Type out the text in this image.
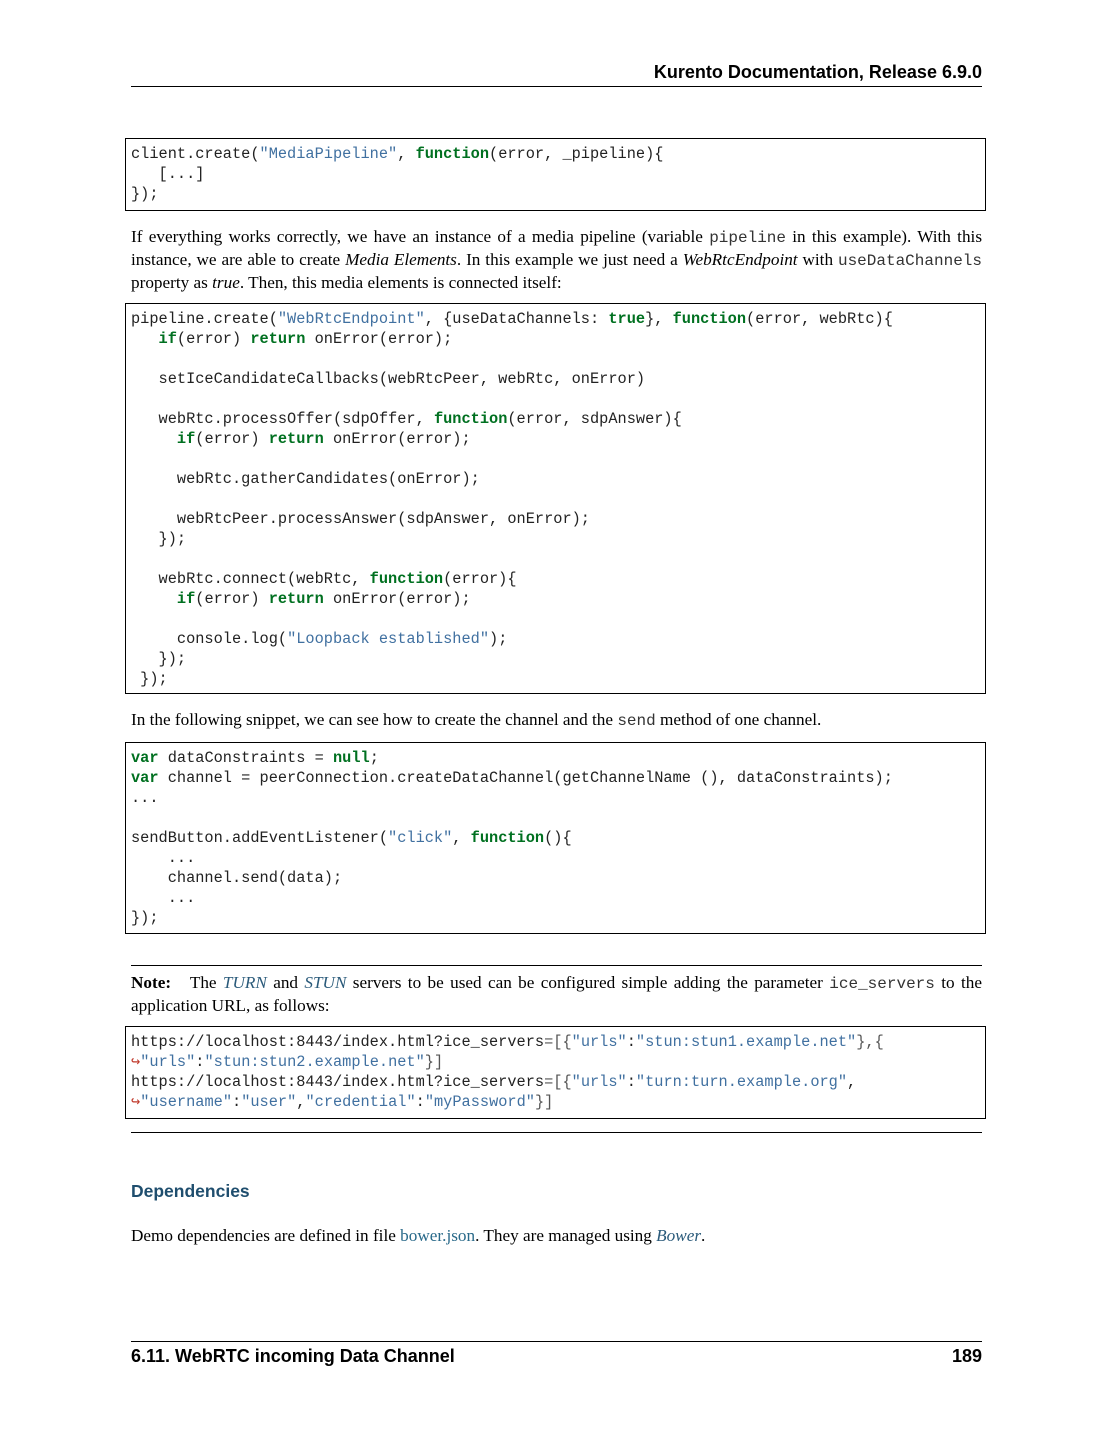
Kurento Documentation, Release 6.9.0
client.create("MediaPipeline", function(error, _pipeline){
[...]
});
If everything works correctly, we have an instance of a media pipeline (variable pipeline in this example). With this instance, we are able to create Media Elements. In this example we just need a WebRtcEndpoint with useDataChannels property as true. Then, this media elements is connected itself:
pipeline.create("WebRtcEndpoint", {useDataChannels: true}, function(error, webRtc){
if(error) return onError(error);

setIceCandidateCallbacks(webRtcPeer, webRtc, onError)

webRtc.processOffer(sdpOffer, function(error, sdpAnswer){
if(error) return onError(error);

webRtc.gatherCandidates(onError);

webRtcPeer.processAnswer(sdpAnswer, onError);
});

webRtc.connect(webRtc, function(error){
if(error) return onError(error);

console.log("Loopback established");
});
});
In the following snippet, we can see how to create the channel and the send method of one channel.
var dataConstraints = null;
var channel = peerConnection.createDataChannel(getChannelName (), dataConstraints);
...

sendButton.addEventListener("click", function(){
...
channel.send(data);
...
});
Note: The TURN and STUN servers to be used can be configured simple adding the parameter ice_servers to the application URL, as follows:
https://localhost:8443/index.html?ice_servers=[{"urls":"stun:stun1.example.net"},{
↪"urls":"stun:stun2.example.net"}]
https://localhost:8443/index.html?ice_servers=[{"urls":"turn:turn.example.org",
↪"username":"user","credential":"myPassword"}]
Dependencies
Demo dependencies are defined in file bower.json. They are managed using Bower.
6.11. WebRTC incoming Data Channel	189
